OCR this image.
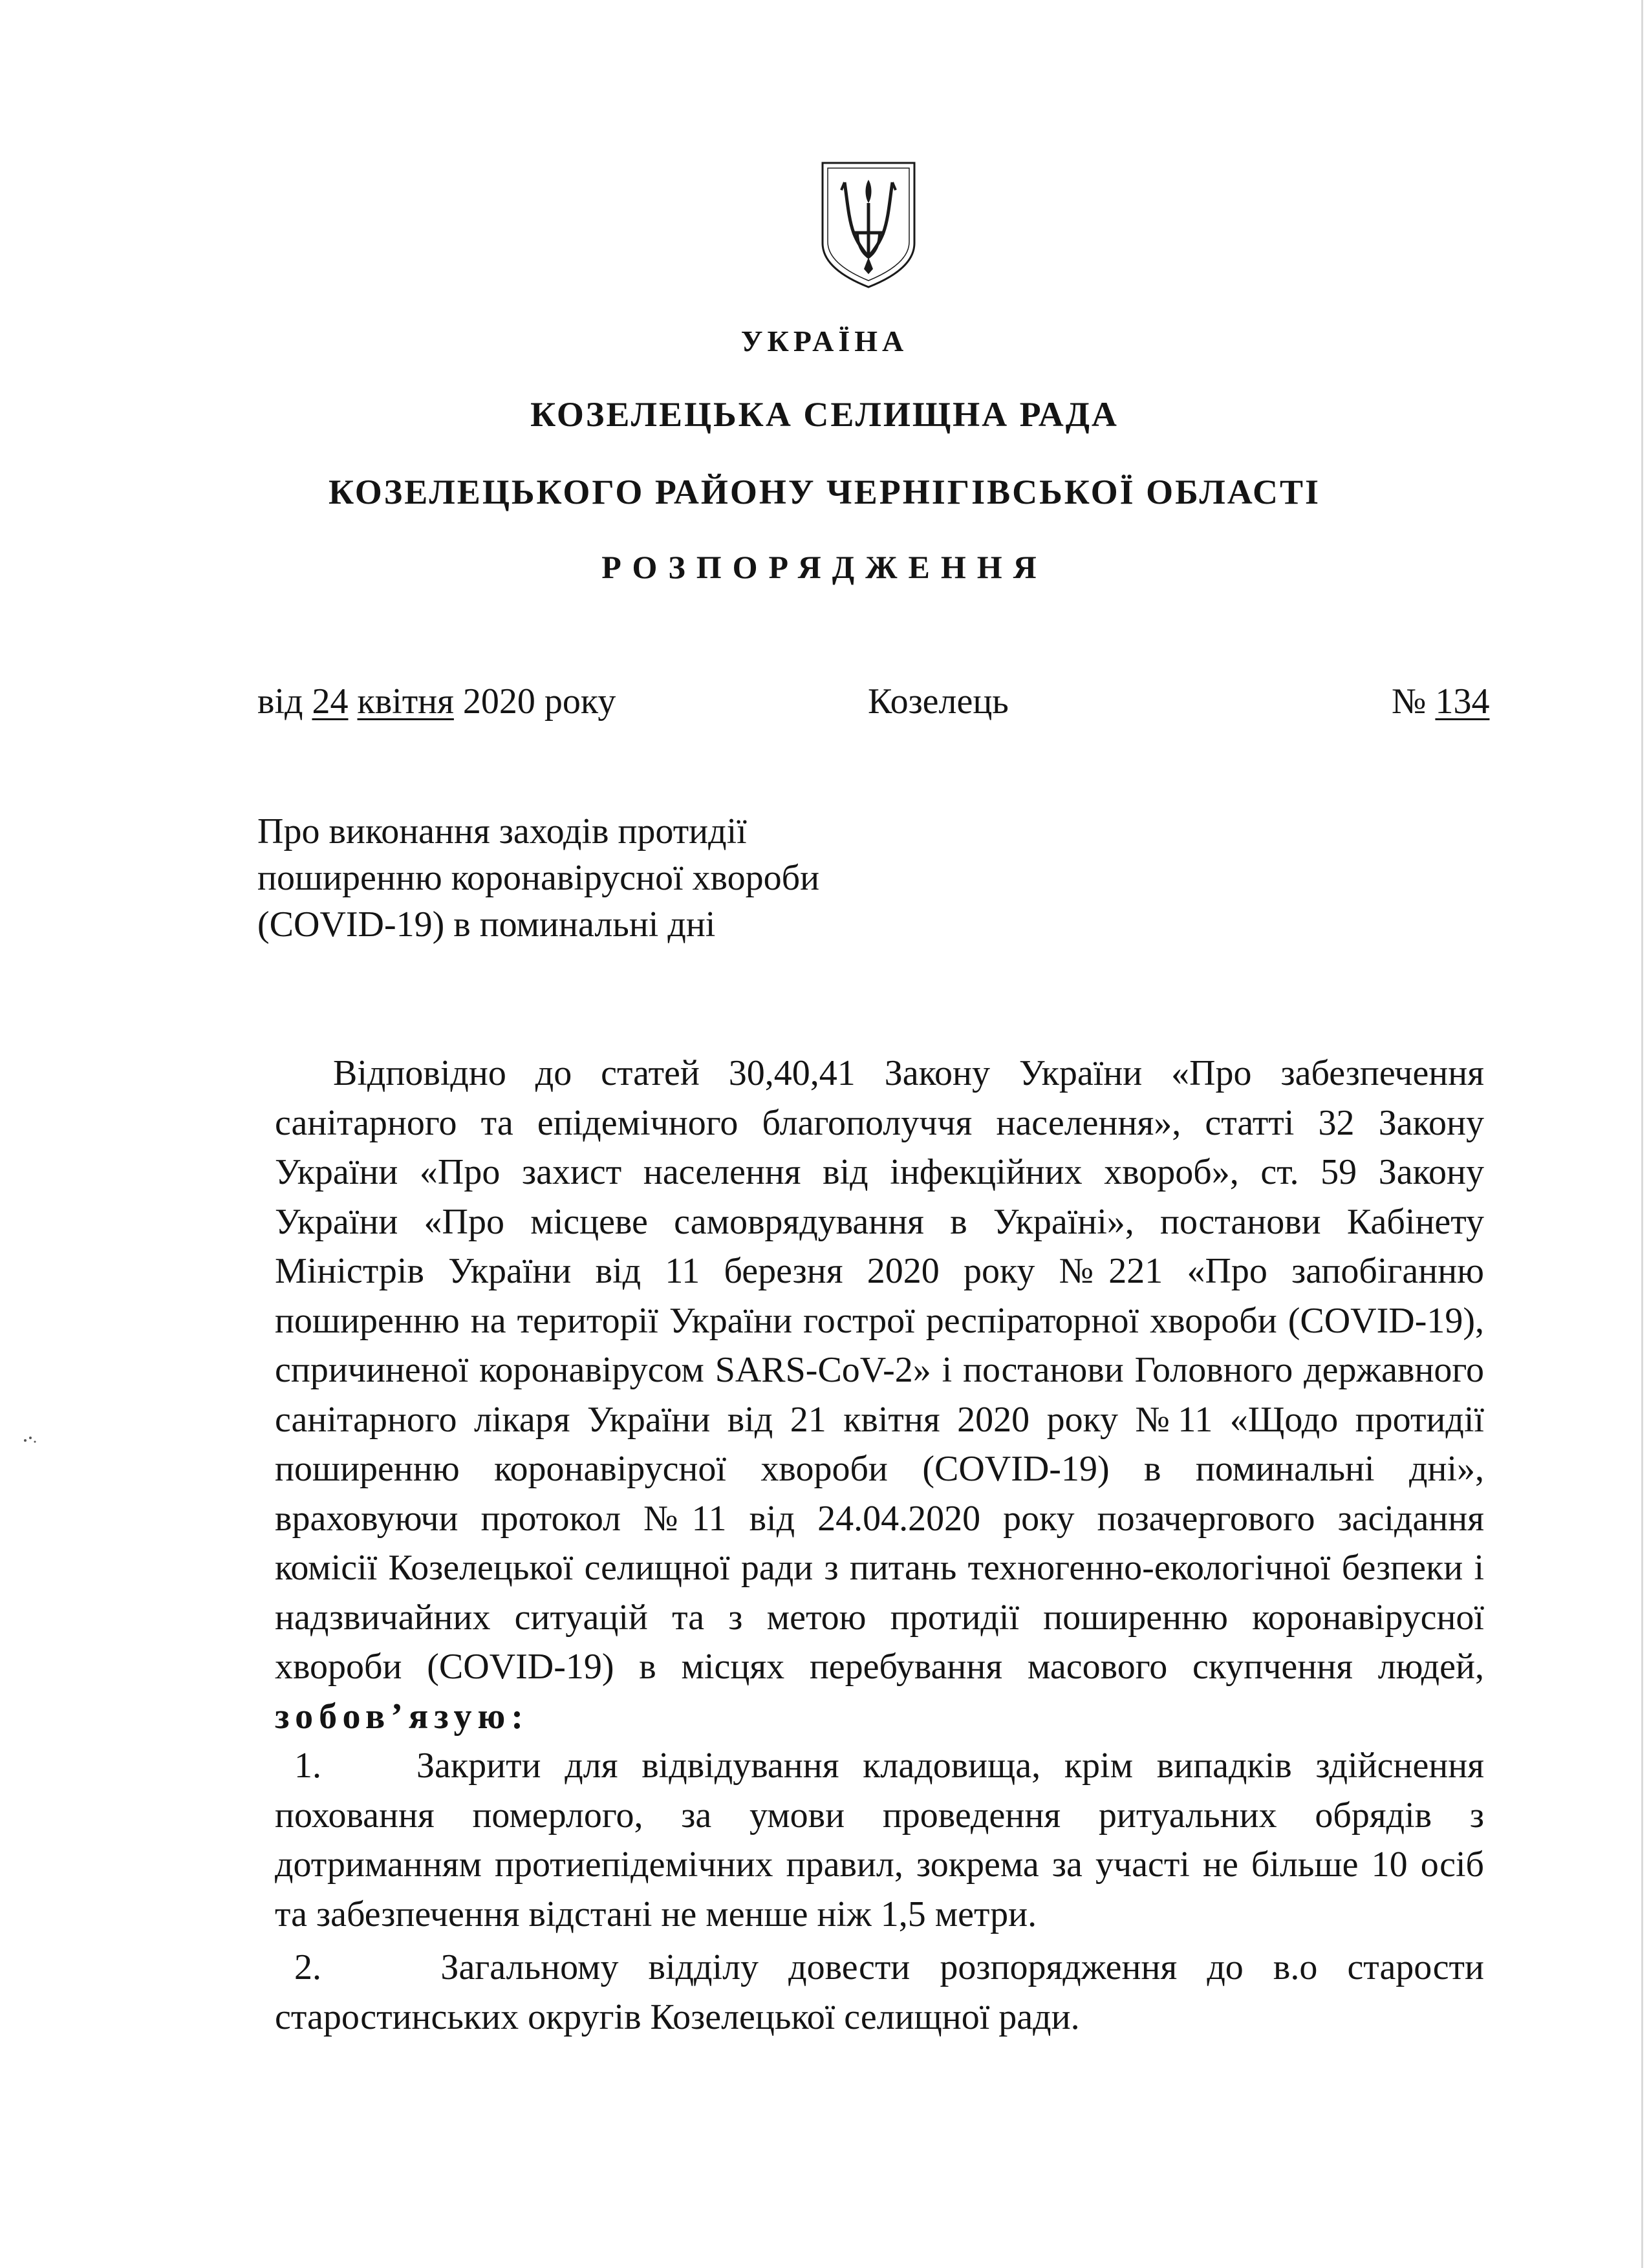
УКРАЇНА
КОЗЕЛЕЦЬКА СЕЛИЩНА РАДА
КОЗЕЛЕЦЬКОГО РАЙОНУ ЧЕРНІГІВСЬКОЇ ОБЛАСТІ
РОЗПОРЯДЖЕННЯ
від 24 квітня 2020 року	Козелець	№ 134
Про виконання заходів протидії поширенню коронавірусної хвороби (COVID-19) в поминальні дні

Відповідно до статей 30,40,41 Закону України «Про забезпечення санітарного та епідемічного благополуччя населення», статті 32 Закону України «Про захист населення від інфекційних хвороб», ст. 59 Закону України «Про місцеве самоврядування в Україні», постанови Кабінету Міністрів України від 11 березня 2020 року №221 «Про запобіганню поширенню на території України гострої респіраторної хвороби (COVID-19), спричиненої коронавірусом SARS-CoV-2» і постанови Головного державного санітарного лікаря України від 21 квітня 2020 року №11 «Щодо протидії поширенню коронавірусної хвороби (COVID-19) в поминальні дні», враховуючи протокол №11 від 24.04.2020 року позачергового засідання комісії Козелецької селищної ради з питань техногенно-екологічної безпеки і надзвичайних ситуацій та з метою протидії поширенню коронавірусної хвороби (COVID-19) в місцях перебування масового скупчення людей, зобов’язую:

1.	Закрити для відвідування кладовища, крім випадків здійснення поховання померлого, за умови проведення ритуальних обрядів з дотриманням протиепідемічних правил, зокрема за участі не більше 10 осіб та забезпечення відстані не менше ніж 1,5 метри.
2.	Загальному відділу довести розпорядження до в.о старости старостинських округів Козелецької селищної ради.
